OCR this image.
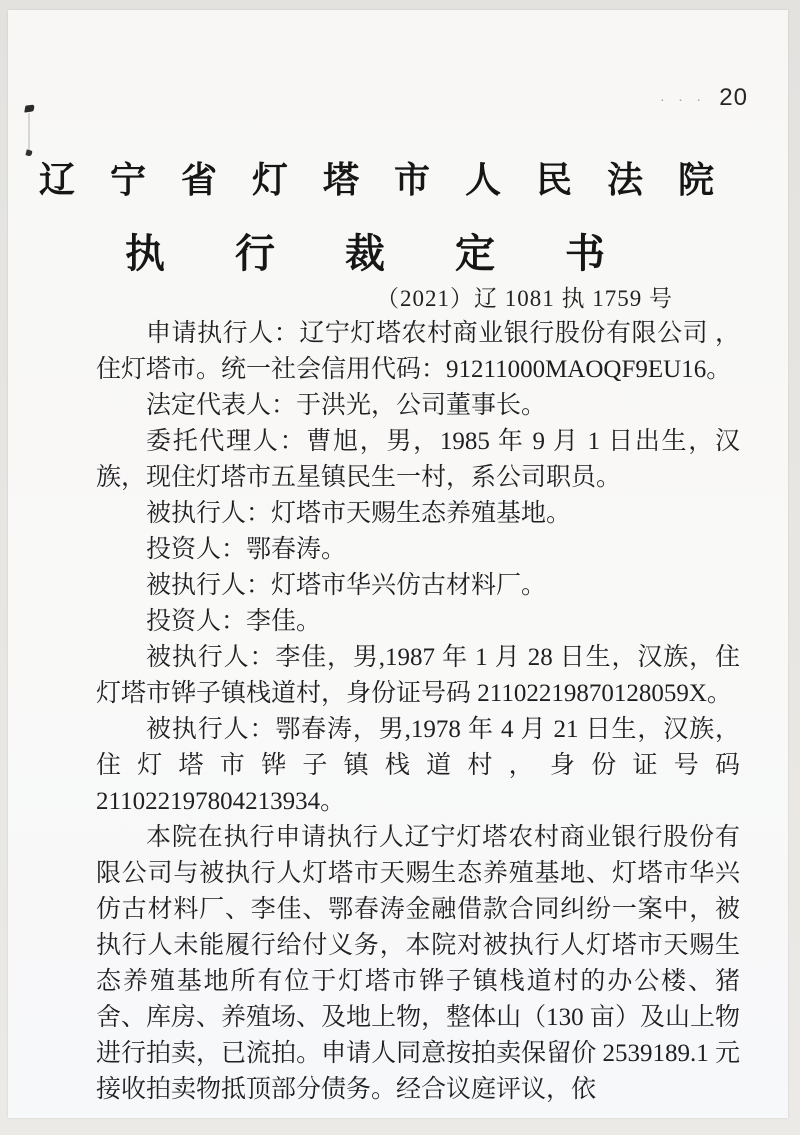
· · · 20
辽 宁 省 灯 塔 市 人 民 法 院
执 行 裁 定 书
（2021）辽 1081 执 1759 号

申请执行人：辽宁灯塔农村商业银行股份有限公司 ，住灯塔市。统一社会信用代码：91211000MAOQF9EU16。

法定代表人：于洪光，公司董事长。

委托代理人：曹旭，男，1985 年 9 月 1 日出生，汉族，现住灯塔市五星镇民生一村，系公司职员。

被执行人：灯塔市天赐生态养殖基地。

投资人：鄂春涛。

被执行人：灯塔市华兴仿古材料厂。

投资人：李佳。

被执行人：李佳，男,1987 年 1 月 28 日生，汉族，住灯塔市铧子镇栈道村，身份证号码 21102219870128059X。

被执行人：鄂春涛，男,1978 年 4 月 21 日生，汉族，住灯塔市铧子镇栈道村，身份证号码 211022197804213934。

本院在执行申请执行人辽宁灯塔农村商业银行股份有限公司与被执行人灯塔市天赐生态养殖基地、灯塔市华兴仿古材料厂、李佳、鄂春涛金融借款合同纠纷一案中，被执行人未能履行给付义务，本院对被执行人灯塔市天赐生态养殖基地所有位于灯塔市铧子镇栈道村的办公楼、猪舍、库房、养殖场、及地上物，整体山（130 亩）及山上物进行拍卖，已流拍。申请人同意按拍卖保留价 2539189.1 元接收拍卖物抵顶部分债务。经合议庭评议，依
